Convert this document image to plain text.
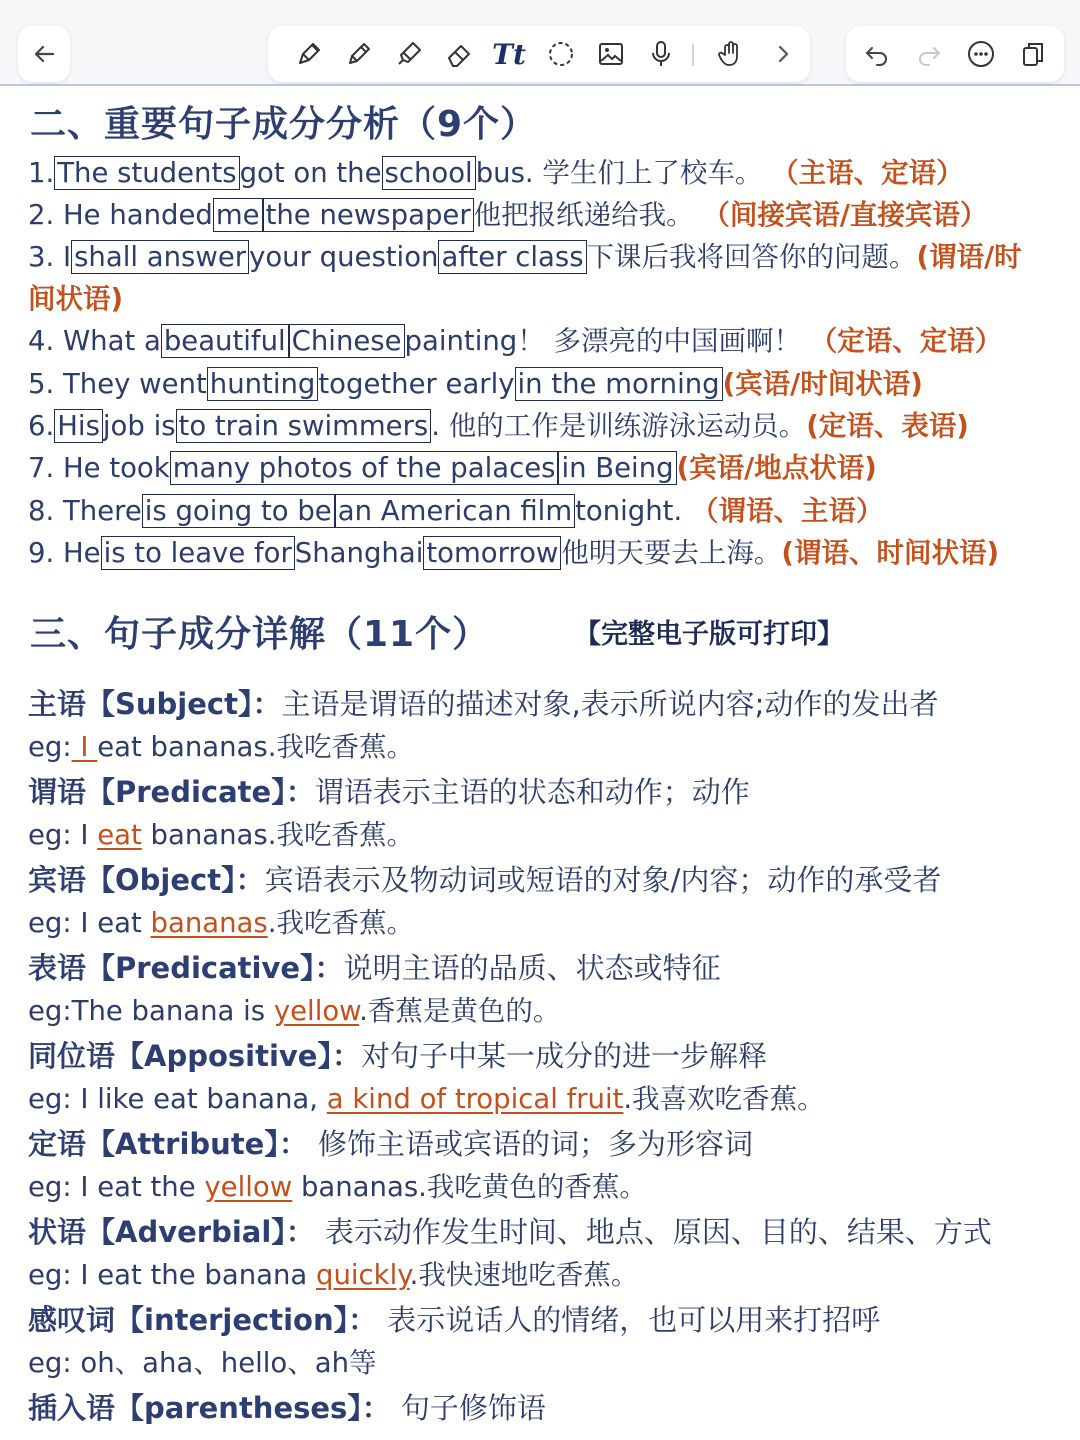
Tt
二、重要句子成分分析（9个）
1. The students got on the school bus. 学生们上了校车。 （主语、定语）
2. He handed me the newspaper 他把报纸递给我。 （间接宾语/直接宾语）
3. I shall answer your question after class 下课后我将回答你的问题。(谓语/时
间状语)
4. What a beautiful Chinese painting！ 多漂亮的中国画啊！ （定语、定语）
5. They went hunting together early in the morning (宾语/时间状语)
6. His job is to train swimmers . 他的工作是训练游泳运动员。(定语、表语)
7. He took many photos of the palaces in Being (宾语/地点状语)
8. There is going to be an American film tonight. （谓语、主语）
9. He is to leave for Shanghai tomorrow 他明天要去上海。(谓语、时间状语)
三、句子成分详解（11个）	【完整电子版可打印】
主语【Subject】：主语是谓语的描述对象,表示所说内容;动作的发出者
eg: I eat bananas.我吃香蕉。
谓语【Predicate】：谓语表示主语的状态和动作；动作
eg: I eat bananas.我吃香蕉。
宾语【Object】：宾语表示及物动词或短语的对象/内容；动作的承受者
eg: I eat bananas.我吃香蕉。
表语【Predicative】：说明主语的品质、状态或特征
eg:The banana is yellow.香蕉是黄色的。
同位语【Appositive】：对句子中某一成分的进一步解释
eg: I like eat banana, a kind of tropical fruit.我喜欢吃香蕉。
定语【Attribute】： 修饰主语或宾语的词；多为形容词
eg: I eat the yellow bananas.我吃黄色的香蕉。
状语【Adverbial】： 表示动作发生时间、地点、原因、目的、结果、方式
eg: I eat the banana quickly.我快速地吃香蕉。
感叹词【interjection】： 表示说话人的情绪，也可以用来打招呼
eg: oh、aha、hello、ah等
插入语【parentheses】： 句子修饰语
